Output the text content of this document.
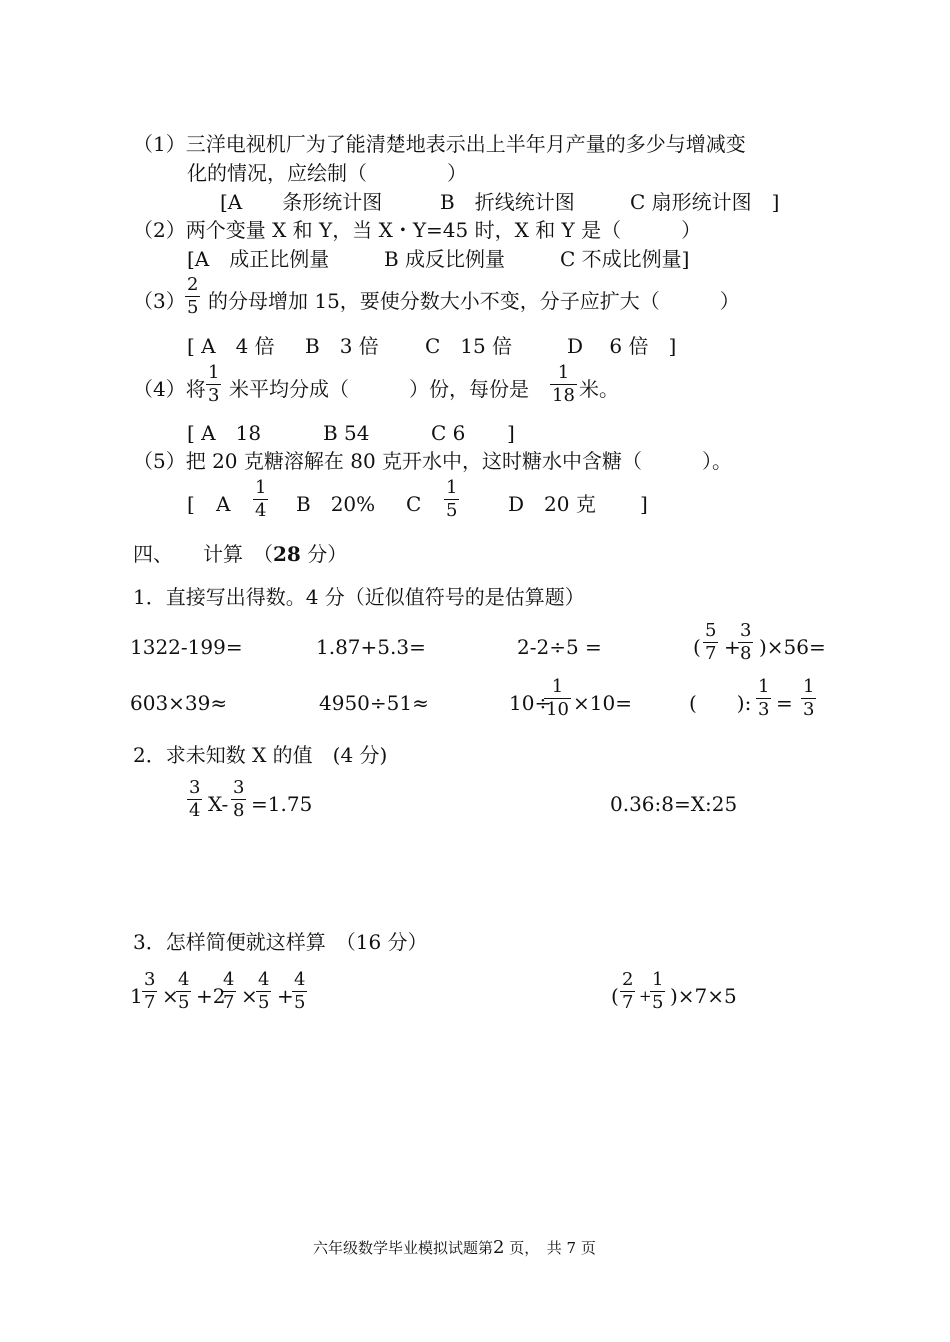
（1）三洋电视机厂为了能清楚地表示出上半年月产量的多少与增减变
化的情况，应绘制（　　　　）
[A　　条形统计图	B　折线统计图	C 扇形统计图　]
（2）两个变量 X 和 Y，当 X・Y=45 时，X 和 Y 是（　　　）
[A　成正比例量	B 成反比例量	C 不成比例量]
（3）
2
5 的分母增加 15，要使分数大小不变，分子应扩大（　　　）
[ A　4 倍 B　3 倍 C　15 倍	D　 6 倍　]
（4）将
1
3 米平均分成（　　　）份，每份是
1
18 米。
[ A　18	B 54	C 6 ]
（5）把 20 克糖溶解在 80 克开水中，这时糖水中含糖（　　　）。
[ A
1
4 B　20% C
1
5	D　20 克 ]
四、　　计算　（28 分）
1．直接写出得数。4 分（近似值符号的是估算题）
1322-199=	1.87+5.3=	2-2÷5 =	(
5
7 +
3
8 )×56=
603×39≈	4950÷51≈	10÷
1
10 ×10=	(　　):
1
3 =
1
3
2．求未知数 X 的值　(4 分)
3
4 X-
3
8 =1.75	0.36:8=X:25
3．怎样简便就这样算　（16 分）
1
3
7 ×
4
5 +2
4
7 ×
4
5 +
4
5	(
2
7 +
1
5 )×7×5
六年级数学毕业模拟试题第2 页，　共 7 页
